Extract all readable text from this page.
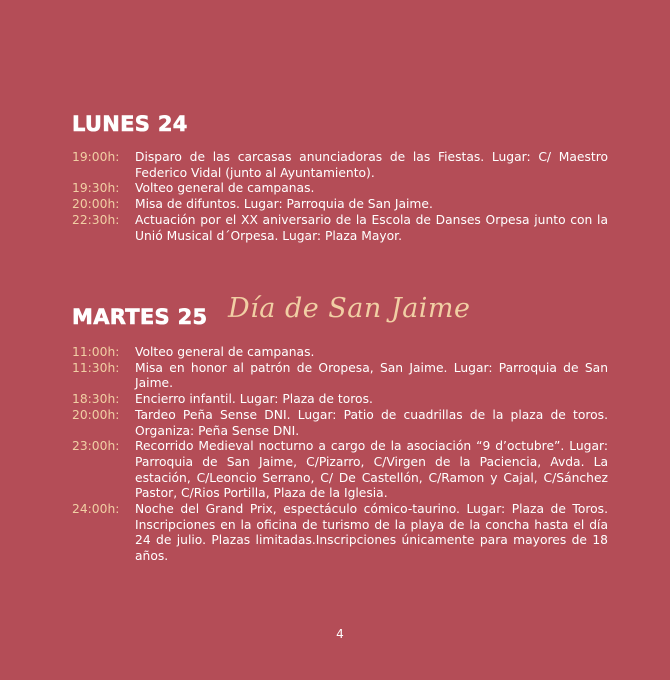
LUNES 24
19:00h:	Disparo de las carcasas anunciadoras de las Fiestas. Lugar: C/ Maestro Federico Vidal (junto al Ayuntamiento).
19:30h:	Volteo general de campanas.
20:00h:	Misa de difuntos. Lugar: Parroquia de San Jaime.
22:30h:	Actuación por el XX aniversario de la Escola de Danses Orpesa junto con la Unió Musical d´Orpesa. Lugar: Plaza Mayor.
MARTES 25 Día de San Jaime
11:00h:	Volteo general de campanas.
11:30h:	Misa en honor al patrón de Oropesa, San Jaime. Lugar: Parroquia de San Jaime.
18:30h:	Encierro infantil. Lugar: Plaza de toros.
20:00h:	Tardeo Peña Sense DNI. Lugar: Patio de cuadrillas de la plaza de toros. Organiza: Peña Sense DNI.
23:00h:	Recorrido Medieval nocturno a cargo de la asociación “9 d’octubre”. Lugar: Parroquia de San Jaime, C/Pizarro, C/Virgen de la Paciencia, Avda. La estación, C/Leoncio Serrano, C/ De Castellón, C/Ramon y Cajal, C/Sánchez Pastor, C/Rios Portilla, Plaza de la Iglesia.
24:00h:	Noche del Grand Prix, espectáculo cómico-taurino. Lugar: Plaza de Toros. Inscripciones en la oficina de turismo de la playa de la concha hasta el día 24 de julio. Plazas limitadas.Inscripciones únicamente para mayores de 18 años.
4
